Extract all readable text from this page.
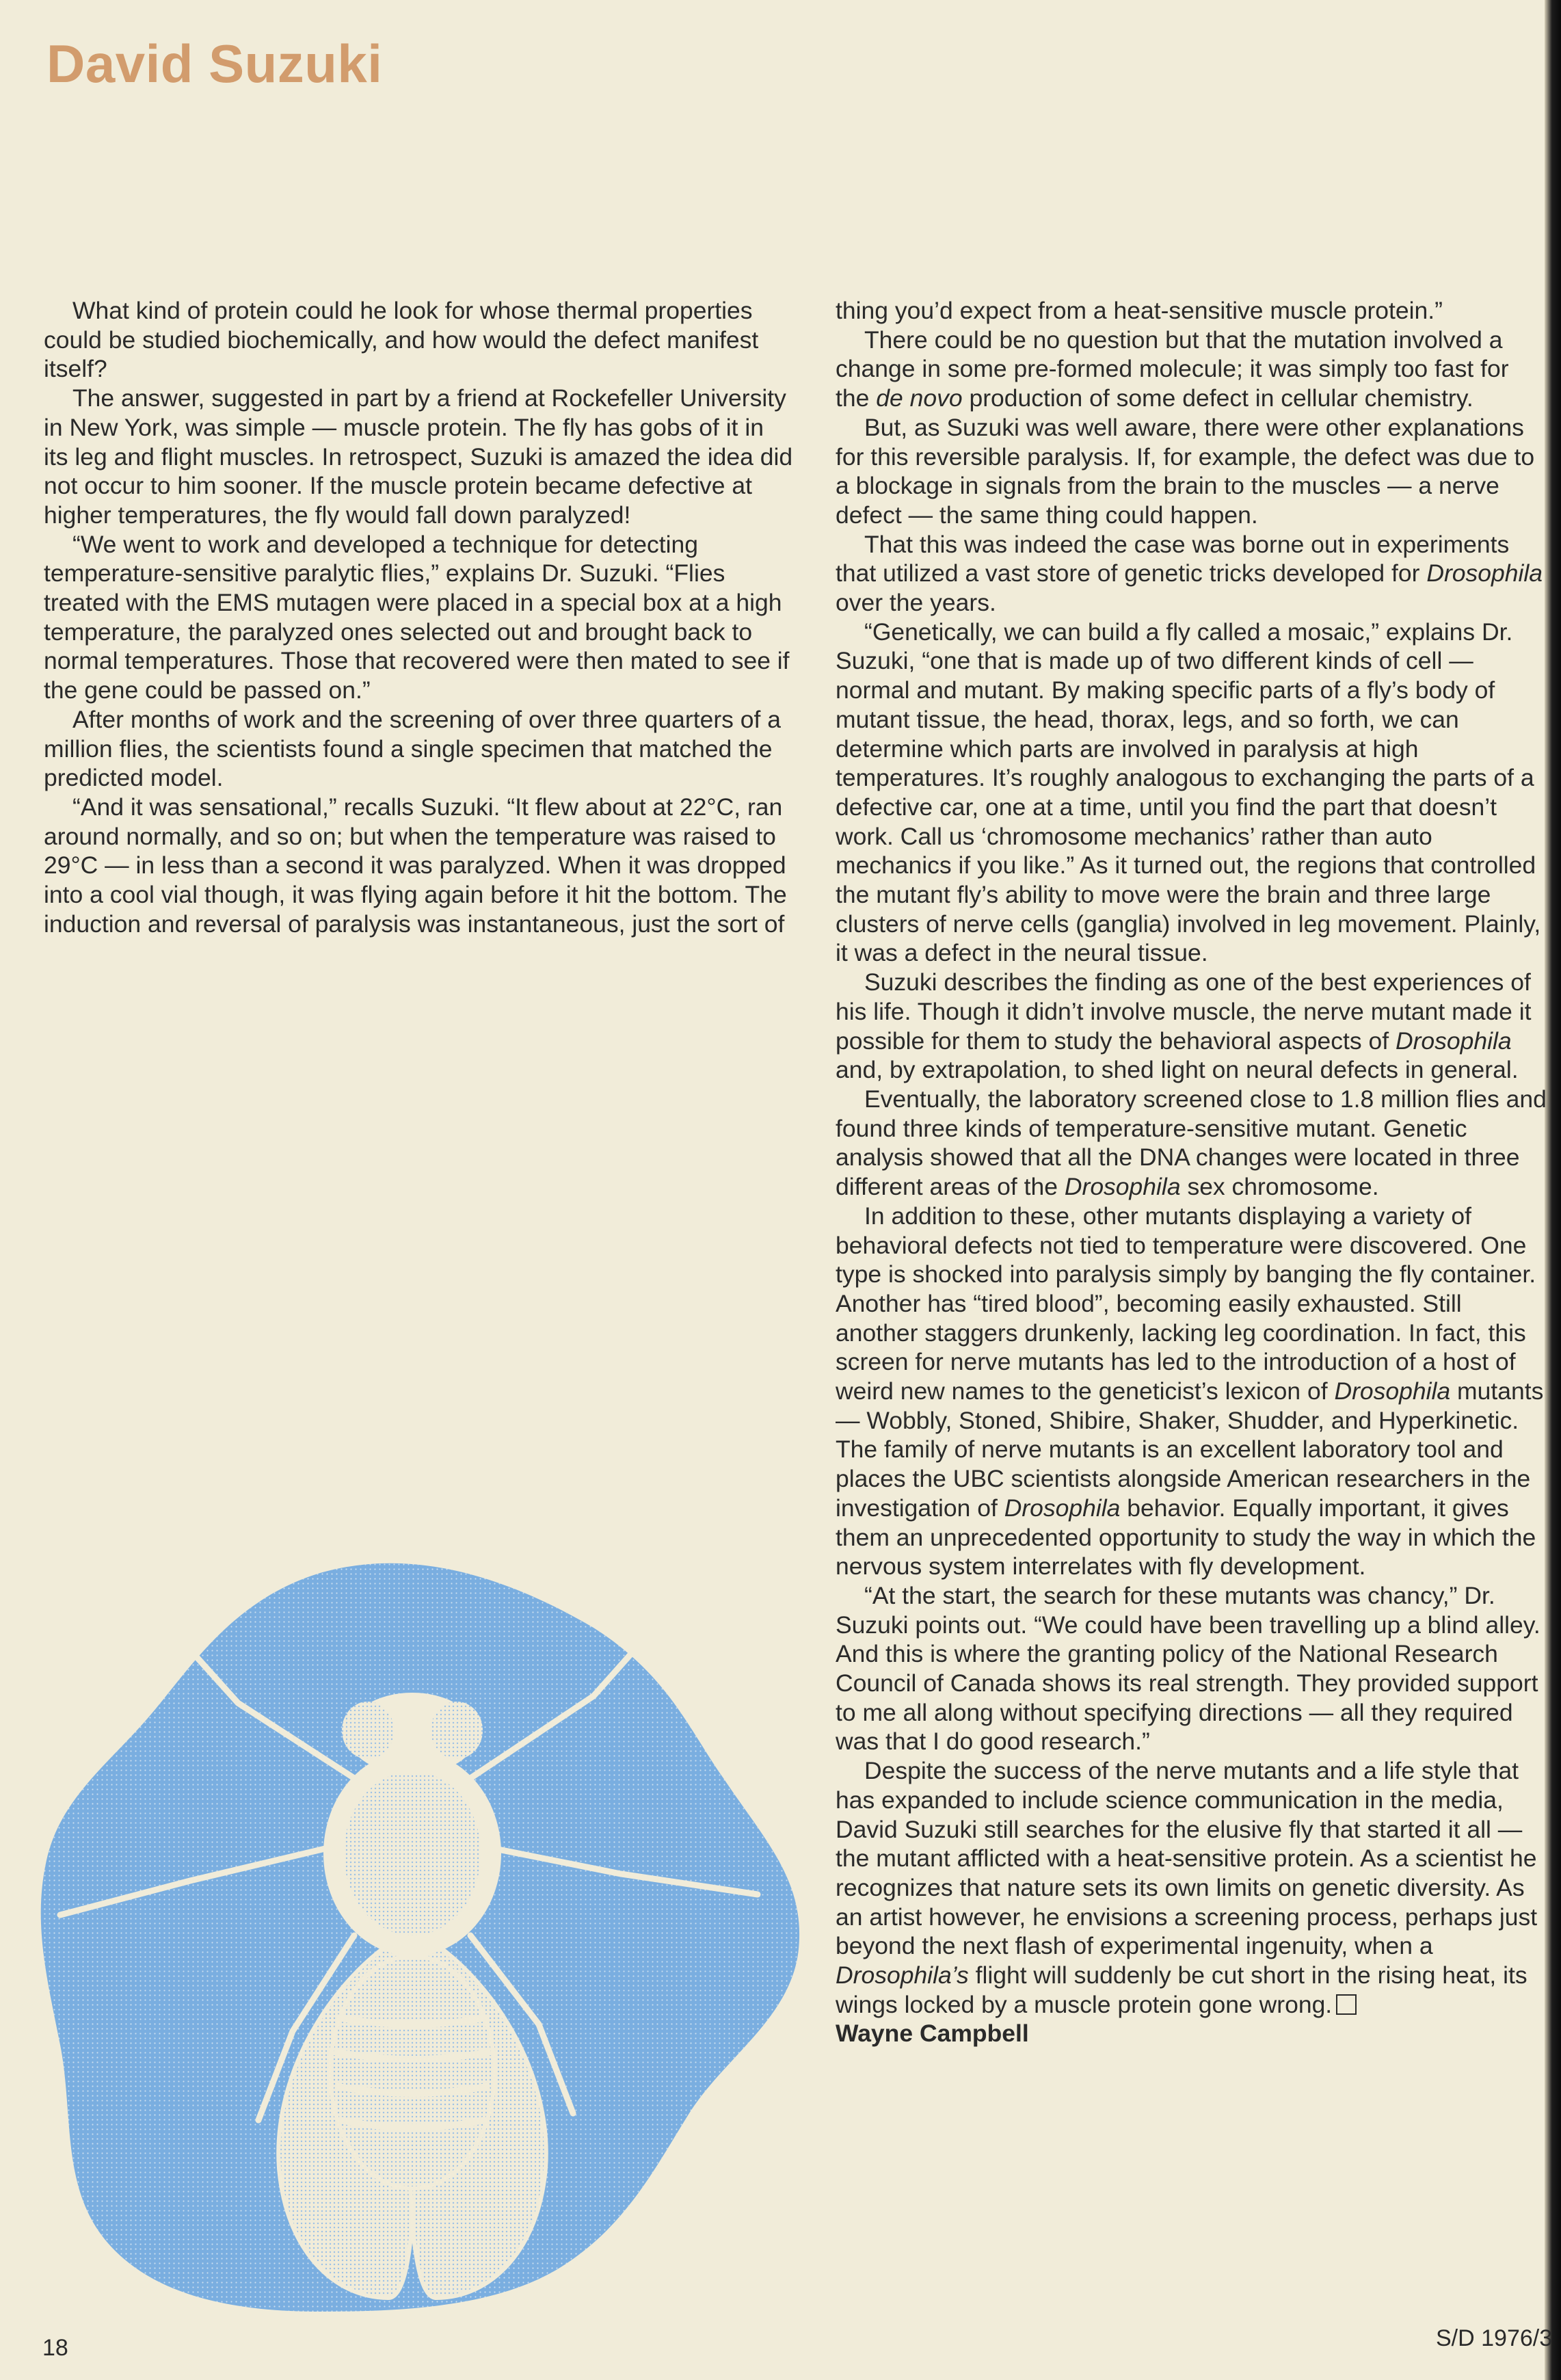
David Suzuki

What kind of protein could he look for whose thermal properties could be studied biochemically, and how would the defect manifest itself?

The answer, suggested in part by a friend at Rockefeller University in New York, was simple — muscle protein. The fly has gobs of it in its leg and flight muscles. In retrospect, Suzuki is amazed the idea did not occur to him sooner. If the muscle protein became defective at higher temperatures, the fly would fall down paralyzed!

“We went to work and developed a technique for detecting temperature-sensitive paralytic flies,” explains Dr. Suzuki. “Flies treated with the EMS mutagen were placed in a special box at a high temperature, the paralyzed ones selected out and brought back to normal temperatures. Those that recovered were then mated to see if the gene could be passed on.”

After months of work and the screening of over three quarters of a million flies, the scientists found a single specimen that matched the predicted model.

“And it was sensational,” recalls Suzuki. “It flew about at 22°C, ran around normally, and so on; but when the temperature was raised to 29°C — in less than a second it was paralyzed. When it was dropped into a cool vial though, it was flying again before it hit the bottom. The induction and reversal of paralysis was instantaneous, just the sort of

thing you’d expect from a heat-sensitive muscle protein.”

There could be no question but that the mutation involved a change in some pre-formed molecule; it was simply too fast for the de novo production of some defect in cellular chemistry.

But, as Suzuki was well aware, there were other explanations for this reversible paralysis. If, for example, the defect was due to a blockage in signals from the brain to the muscles — a nerve defect — the same thing could happen.

That this was indeed the case was borne out in experiments that utilized a vast store of genetic tricks developed for Drosophila over the years.

“Genetically, we can build a fly called a mosaic,” explains Dr. Suzuki, “one that is made up of two different kinds of cell — normal and mutant. By making specific parts of a fly’s body of mutant tissue, the head, thorax, legs, and so forth, we can determine which parts are involved in paralysis at high temperatures. It’s roughly analogous to exchanging the parts of a defective car, one at a time, until you find the part that doesn’t work. Call us ‘chromosome mechanics’ rather than auto mechanics if you like.” As it turned out, the regions that controlled the mutant fly’s ability to move were the brain and three large clusters of nerve cells (ganglia) involved in leg movement. Plainly, it was a defect in the neural tissue.

Suzuki describes the finding as one of the best experiences of his life. Though it didn’t involve muscle, the nerve mutant made it possible for them to study the behavioral aspects of Drosophila and, by extrapolation, to shed light on neural defects in general.

Eventually, the laboratory screened close to 1.8 million flies and found three kinds of temperature-sensitive mutant. Genetic analysis showed that all the DNA changes were located in three different areas of the Drosophila sex chromosome.

In addition to these, other mutants displaying a variety of behavioral defects not tied to temperature were discovered. One type is shocked into paralysis simply by banging the fly container. Another has “tired blood”, becoming easily exhausted. Still another staggers drunkenly, lacking leg coordination. In fact, this screen for nerve mutants has led to the introduction of a host of weird new names to the geneticist’s lexicon of Drosophila mutants — Wobbly, Stoned, Shibire, Shaker, Shudder, and Hyperkinetic. The family of nerve mutants is an excellent laboratory tool and places the UBC scientists alongside American researchers in the investigation of Drosophila behavior. Equally important, it gives them an unprecedented opportunity to study the way in which the nervous system interrelates with fly development.

“At the start, the search for these mutants was chancy,” Dr. Suzuki points out. “We could have been travelling up a blind alley. And this is where the granting policy of the National Research Council of Canada shows its real strength. They provided support to me all along without specifying directions — all they required was that I do good research.”

Despite the success of the nerve mutants and a life style that has expanded to include science communication in the media, David Suzuki still searches for the elusive fly that started it all — the mutant afflicted with a heat-sensitive protein. As a scientist he recognizes that nature sets its own limits on genetic diversity. As an artist however, he envisions a screening process, perhaps just beyond the next flash of experimental ingenuity, when a Drosophila’s flight will suddenly be cut short in the rising heat, its wings locked by a muscle protein gone wrong.

Wayne Campbell

18	S/D 1976/3
